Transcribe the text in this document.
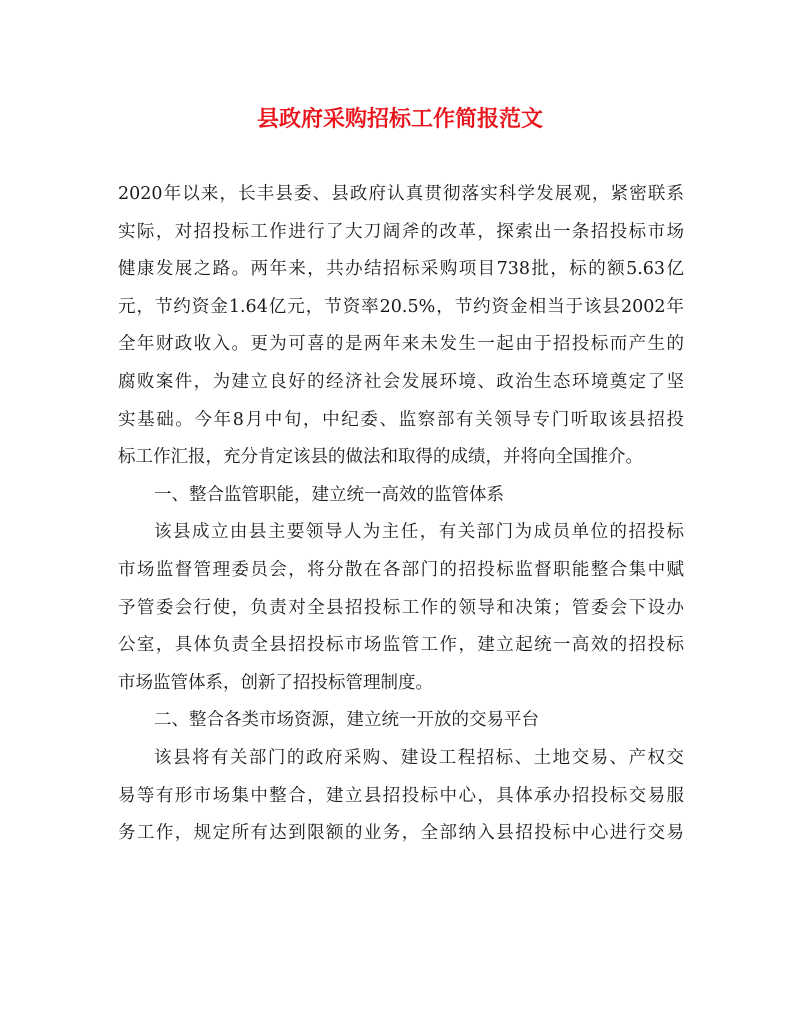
县政府采购招标工作简报范文
2020年以来，长丰县委、县政府认真贯彻落实科学发展观，紧密联系
实际，对招投标工作进行了大刀阔斧的改革，探索出一条招投标市场
健康发展之路。两年来，共办结招标采购项目738批，标的额5.63亿
元，节约资金1.64亿元，节资率20.5%，节约资金相当于该县2002年
全年财政收入。更为可喜的是两年来未发生一起由于招投标而产生的
腐败案件，为建立良好的经济社会发展环境、政治生态环境奠定了坚
实基础。今年8月中旬，中纪委、监察部有关领导专门听取该县招投
标工作汇报，充分肯定该县的做法和取得的成绩，并将向全国推介。
一、整合监管职能，建立统一高效的监管体系
该县成立由县主要领导人为主任，有关部门为成员单位的招投标
市场监督管理委员会，将分散在各部门的招投标监督职能整合集中赋
予管委会行使，负责对全县招投标工作的领导和决策；管委会下设办
公室，具体负责全县招投标市场监管工作，建立起统一高效的招投标
市场监管体系，创新了招投标管理制度。
二、整合各类市场资源，建立统一开放的交易平台
该县将有关部门的政府采购、建设工程招标、土地交易、产权交
易等有形市场集中整合，建立县招投标中心，具体承办招投标交易服
务工作，规定所有达到限额的业务，全部纳入县招投标中心进行交易
